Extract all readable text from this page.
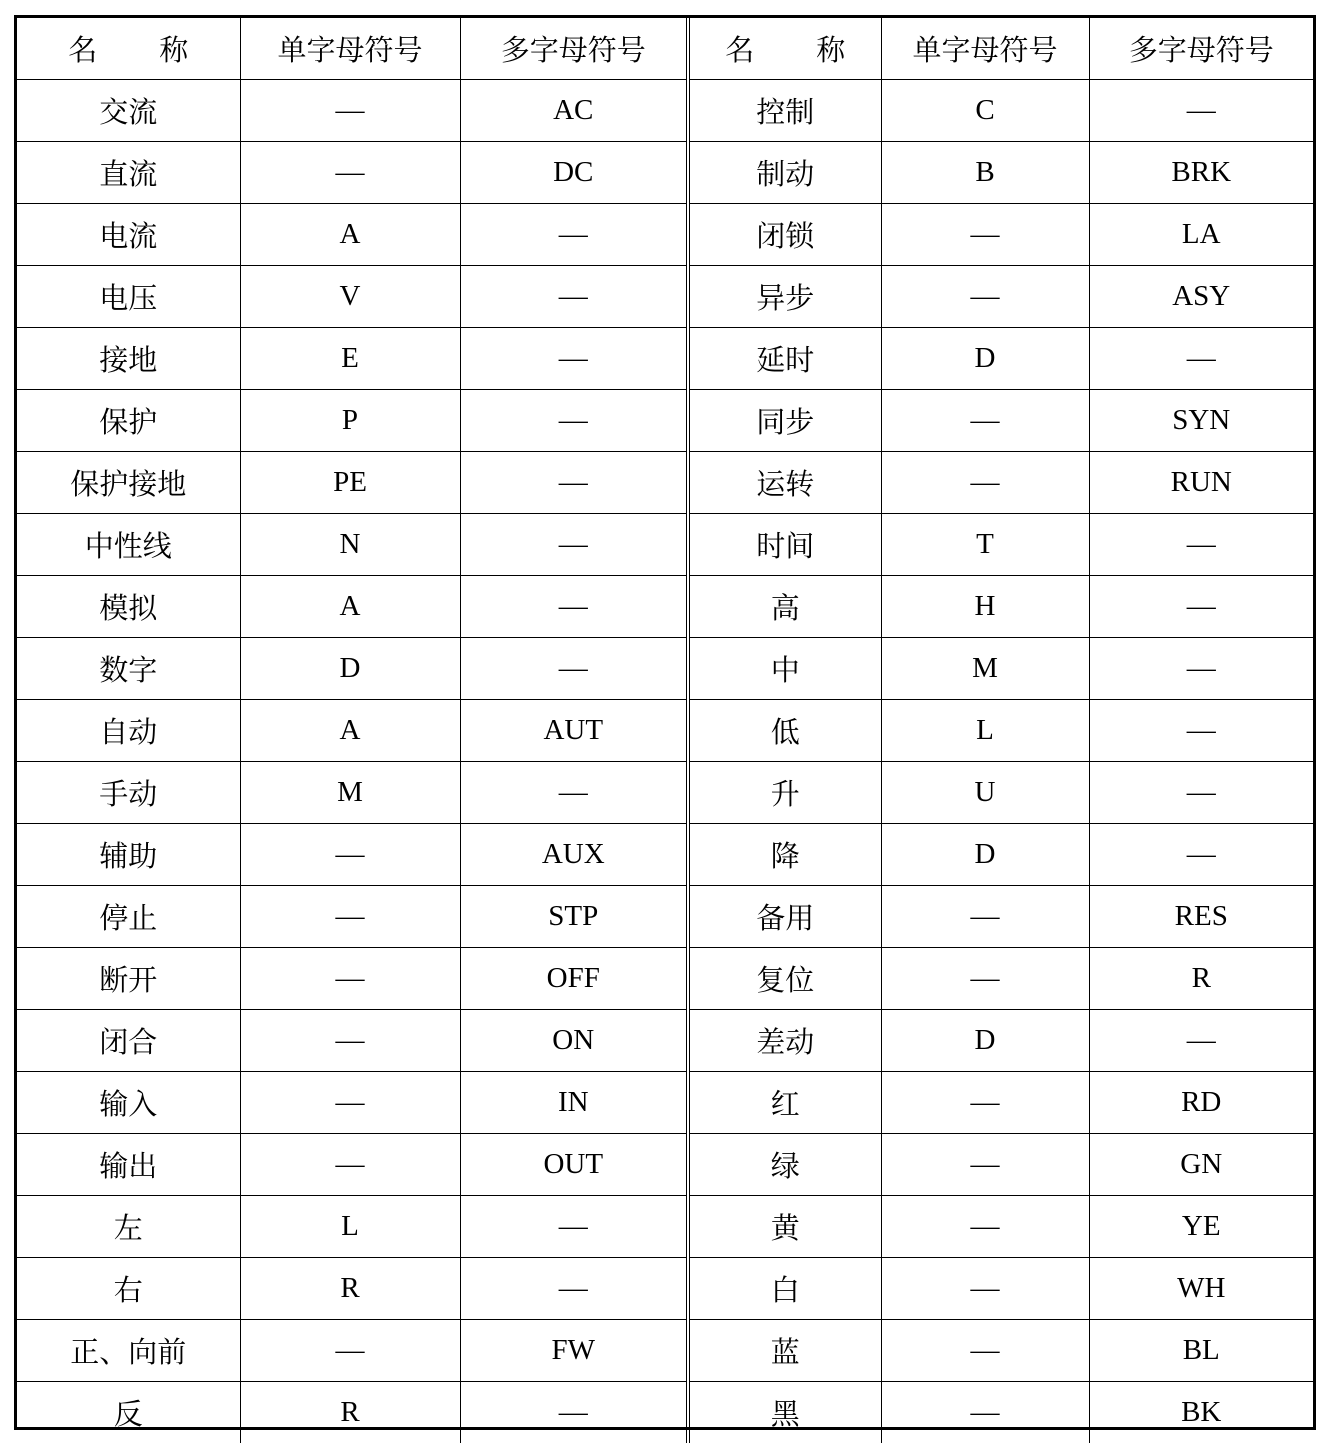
名 称	单字母符号	多字母符号	名 称	单字母符号	多字母符号
交流	—	AC	控制	C	—
直流	—	DC	制动	B	BRK
电流	A	—	闭锁	—	LA
电压	V	—	异步	—	ASY
接地	E	—	延时	D	—
保护	P	—	同步	—	SYN
保护接地	PE	—	运转	—	RUN
中性线	N	—	时间	T	—
模拟	A	—	高	H	—
数字	D	—	中	M	—
自动	A	AUT	低	L	—
手动	M	—	升	U	—
辅助	—	AUX	降	D	—
停止	—	STP	备用	—	RES
断开	—	OFF	复位	—	R
闭合	—	ON	差动	D	—
输入	—	IN	红	—	RD
输出	—	OUT	绿	—	GN
左	L	—	黄	—	YE
右	R	—	白	—	WH
正、向前	—	FW	蓝	—	BL
反	R	—	黑	—	BK
